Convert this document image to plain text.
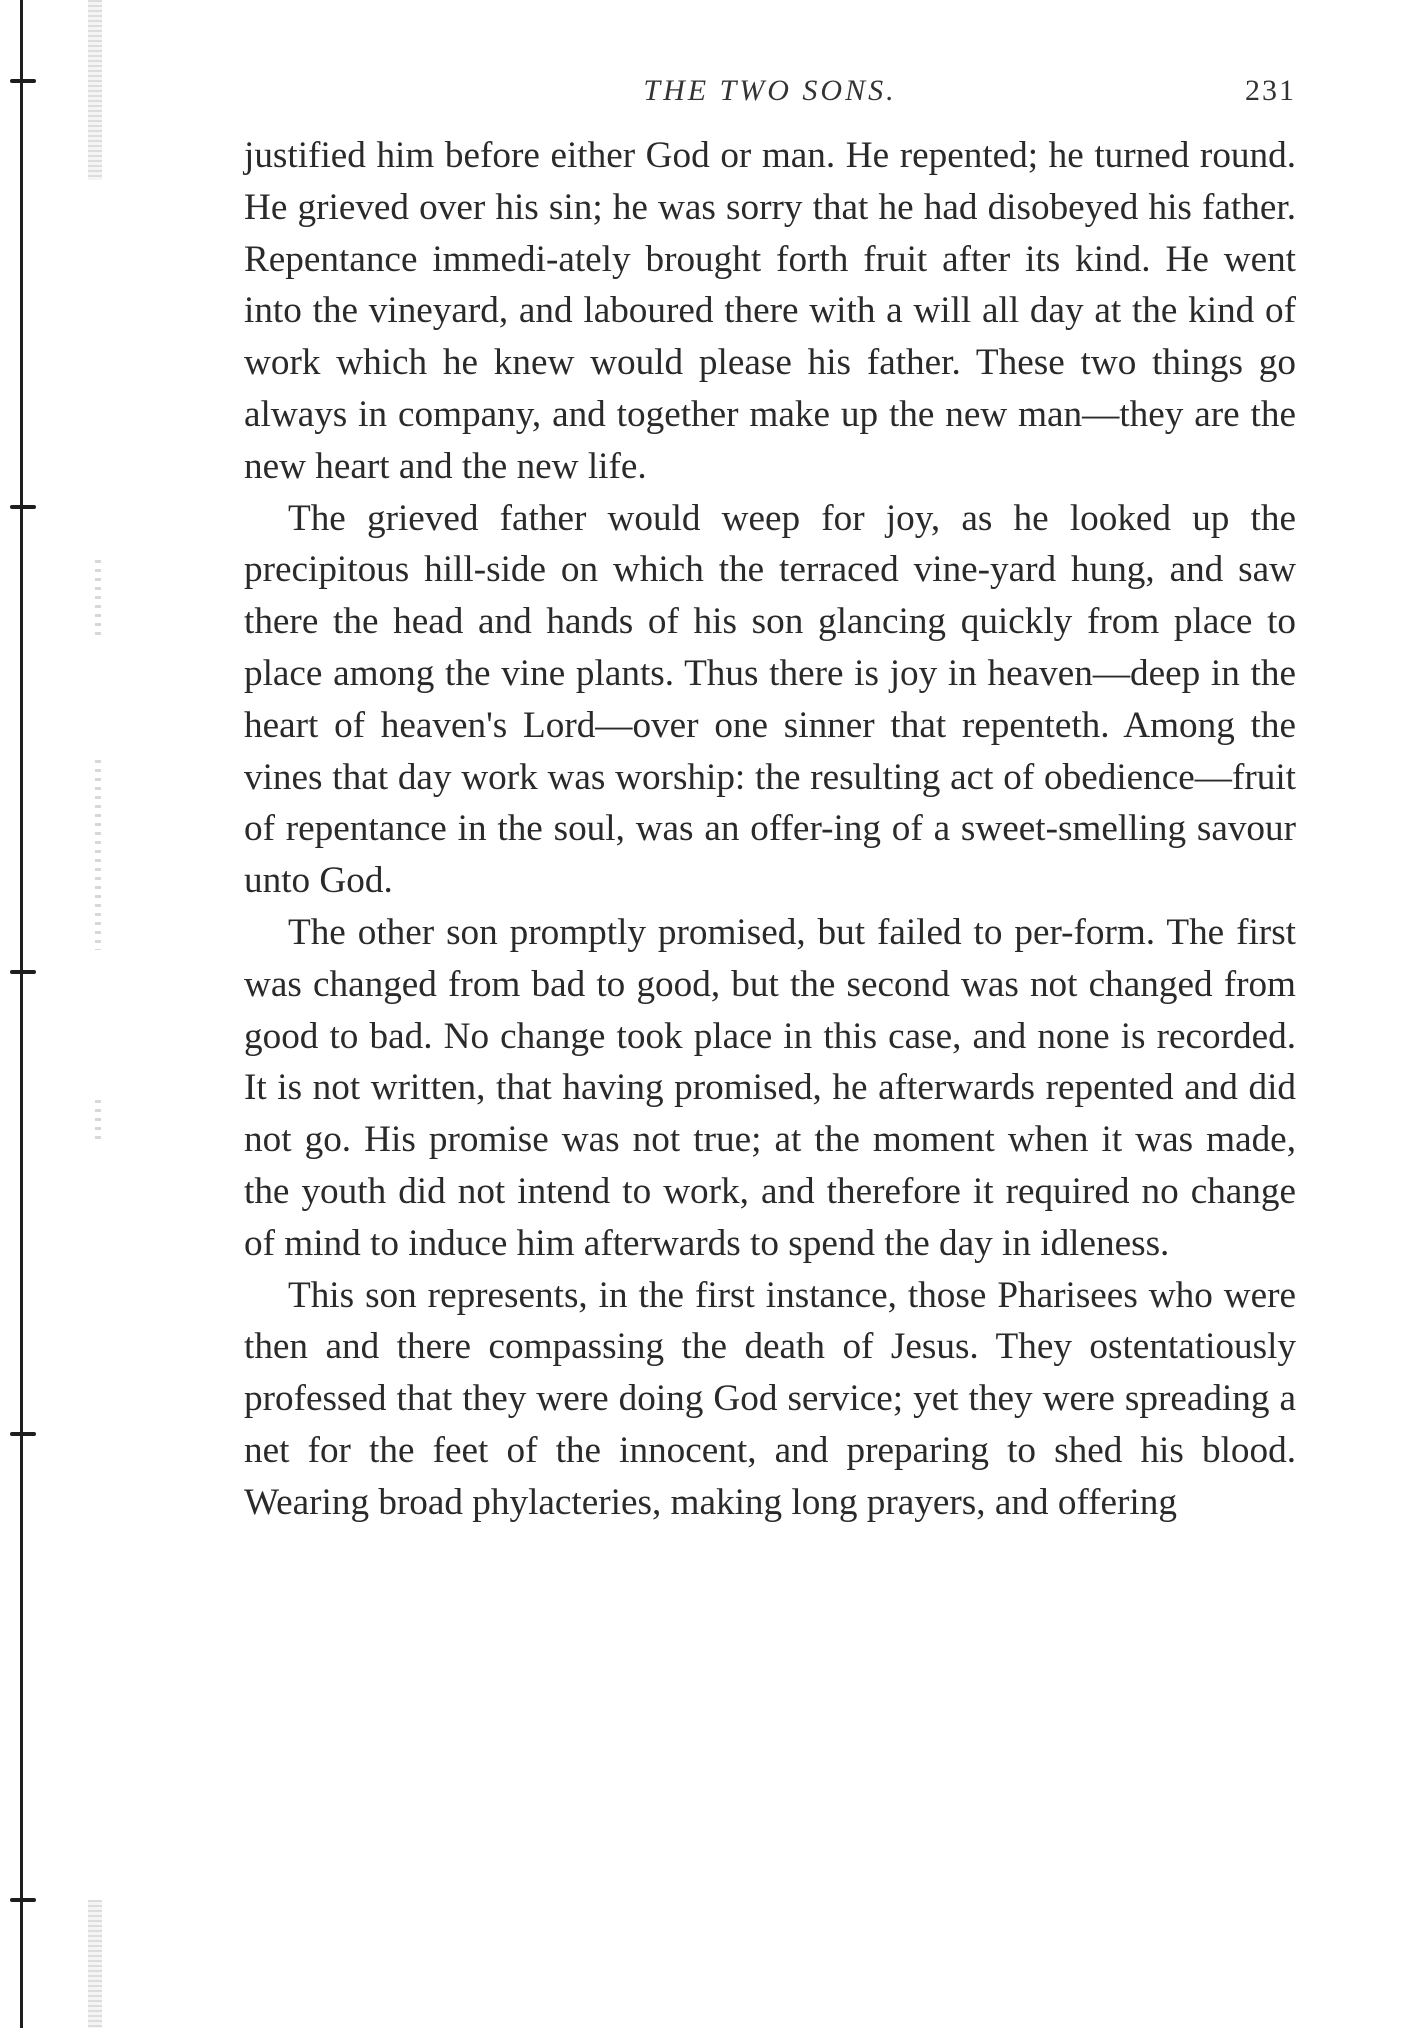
THE TWO SONS.	231

justified him before either God or man. He repented; he turned round. He grieved over his sin; he was sorry that he had disobeyed his father. Repentance immedi-ately brought forth fruit after its kind. He went into the vineyard, and laboured there with a will all day at the kind of work which he knew would please his father. These two things go always in company, and together make up the new man—they are the new heart and the new life.

The grieved father would weep for joy, as he looked up the precipitous hill-side on which the terraced vine-yard hung, and saw there the head and hands of his son glancing quickly from place to place among the vine plants. Thus there is joy in heaven—deep in the heart of heaven's Lord—over one sinner that repenteth. Among the vines that day work was worship: the resulting act of obedience—fruit of repentance in the soul, was an offer-ing of a sweet-smelling savour unto God.

The other son promptly promised, but failed to per-form. The first was changed from bad to good, but the second was not changed from good to bad. No change took place in this case, and none is recorded. It is not written, that having promised, he afterwards repented and did not go. His promise was not true; at the moment when it was made, the youth did not intend to work, and therefore it required no change of mind to induce him afterwards to spend the day in idleness.

This son represents, in the first instance, those Pharisees who were then and there compassing the death of Jesus. They ostentatiously professed that they were doing God service; yet they were spreading a net for the feet of the innocent, and preparing to shed his blood. Wearing broad phylacteries, making long prayers, and offering
